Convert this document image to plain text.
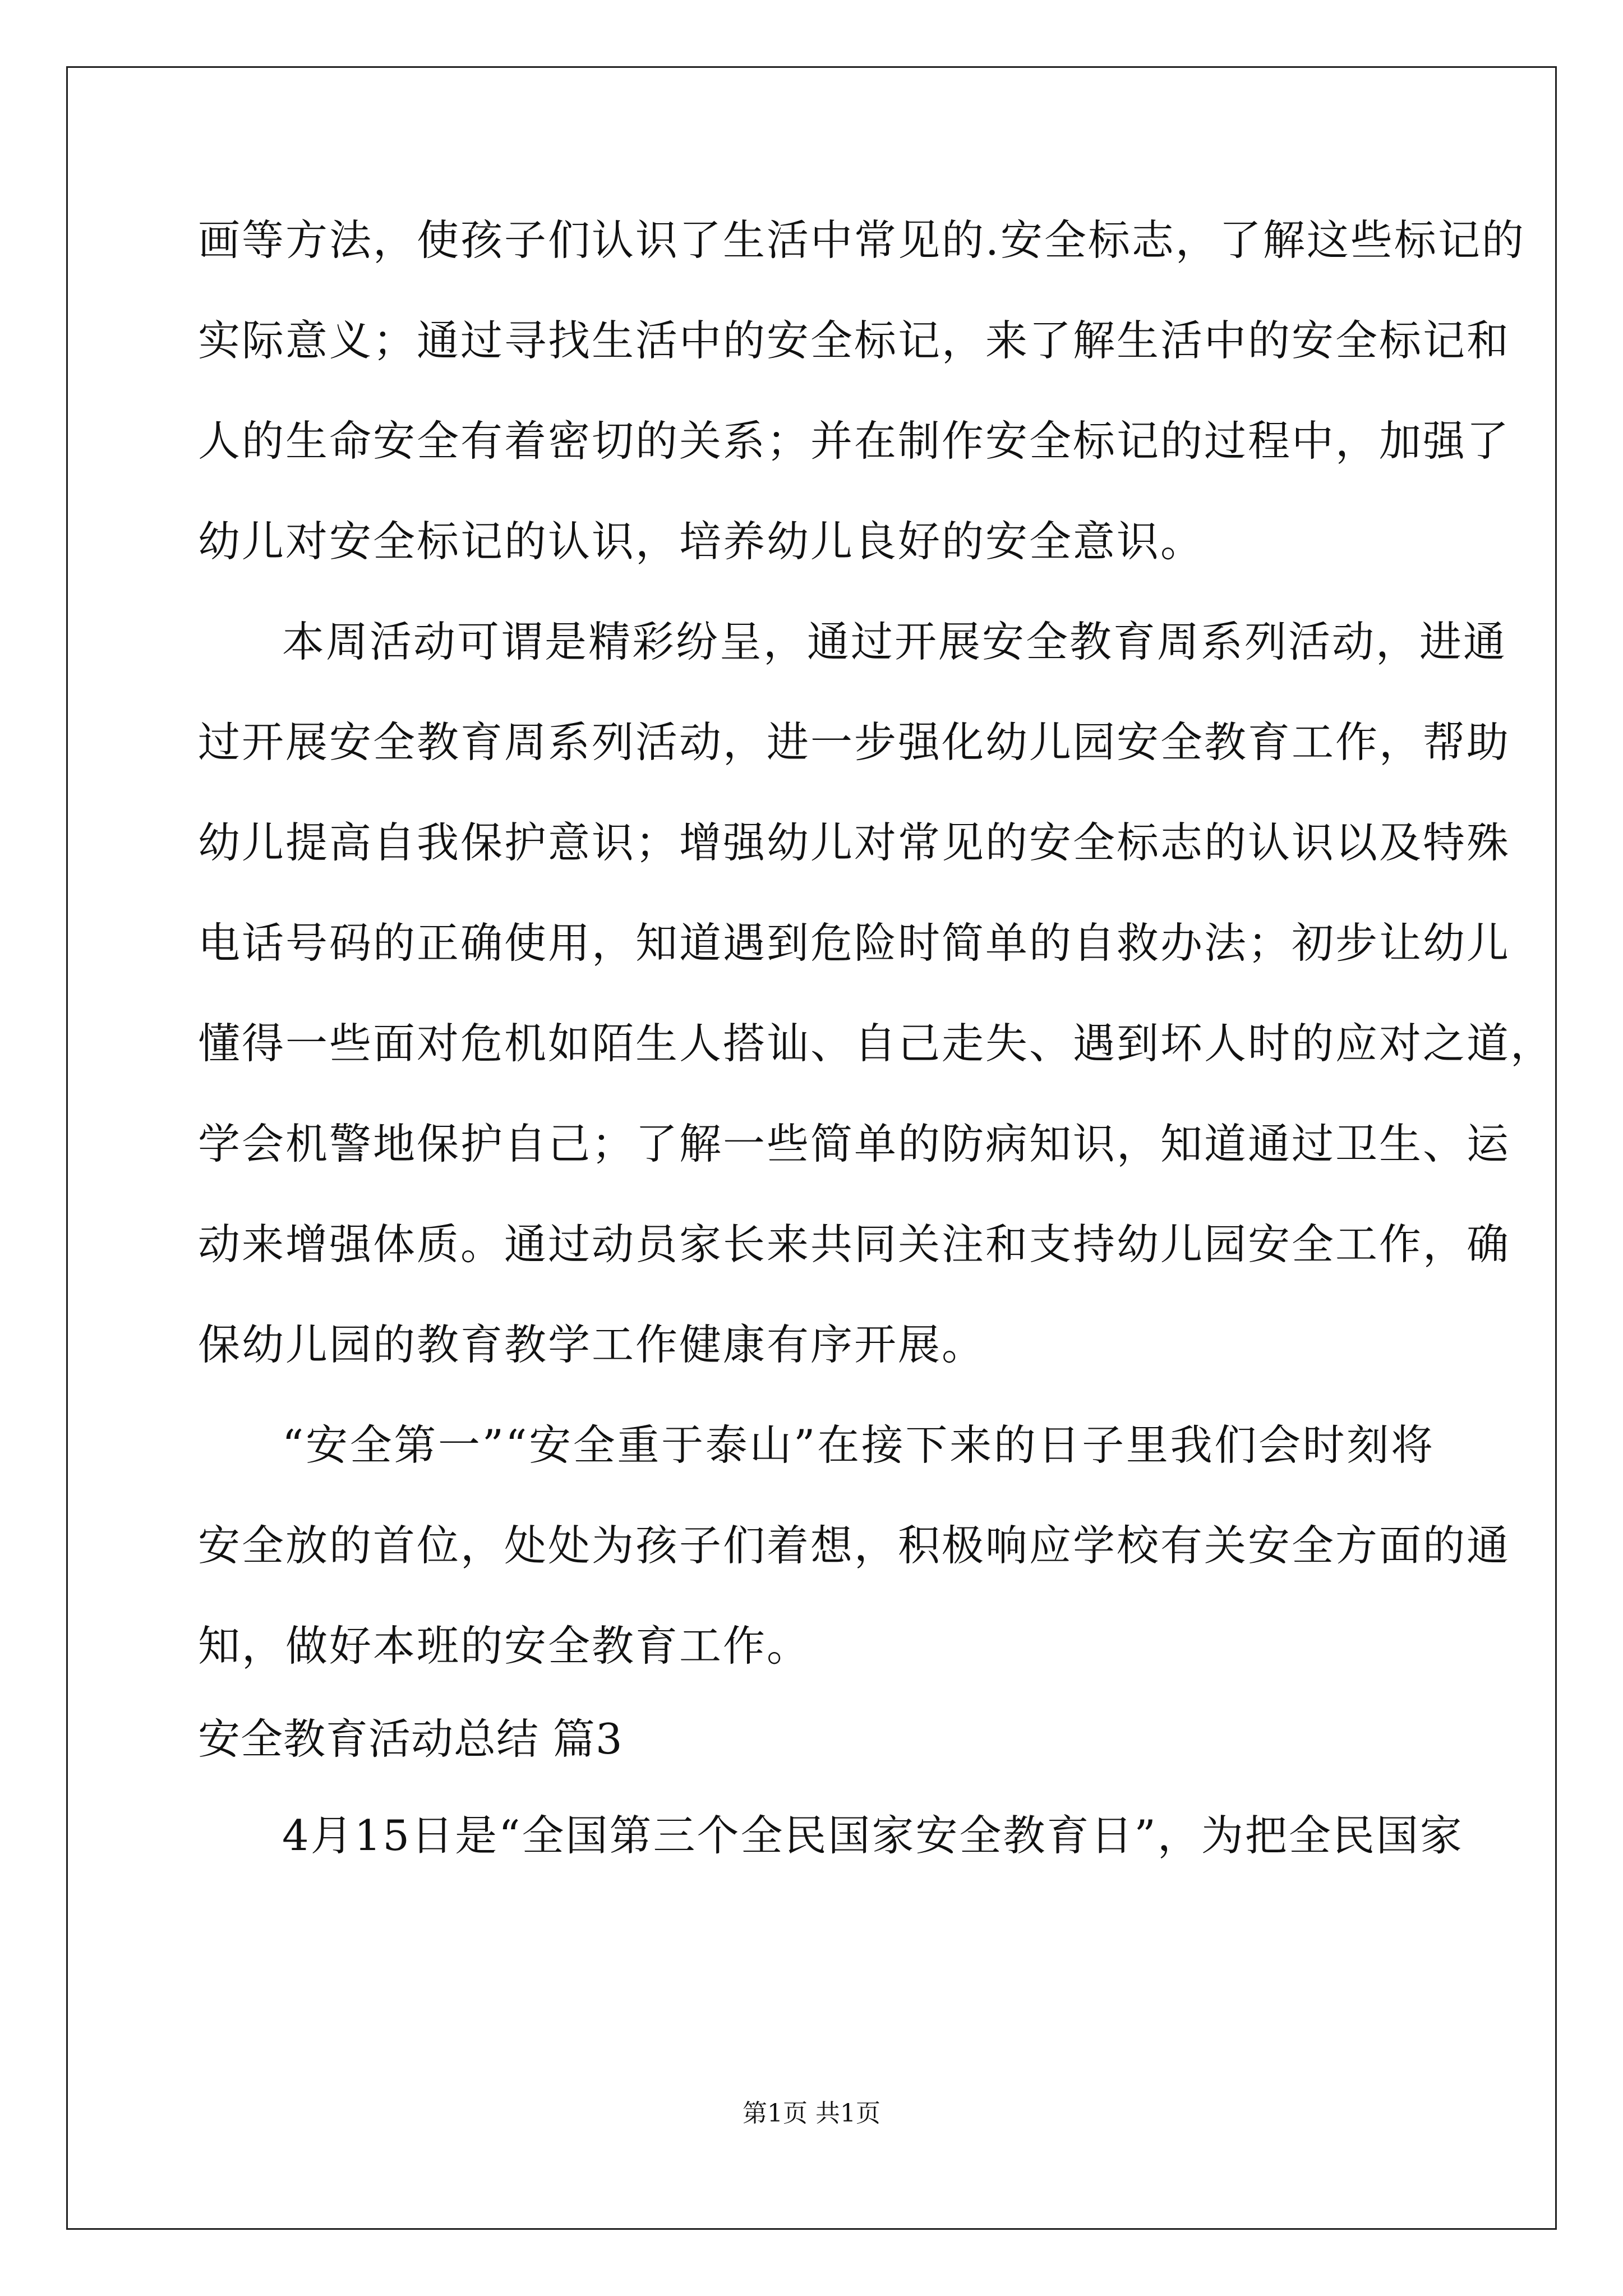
画等方法，使孩子们认识了生活中常见的.安全标志，了解这些标记的
实际意义；通过寻找生活中的安全标记，来了解生活中的安全标记和
人的生命安全有着密切的关系；并在制作安全标记的过程中，加强了
幼儿对安全标记的认识，培养幼儿良好的安全意识。
本周活动可谓是精彩纷呈，通过开展安全教育周系列活动，进通
过开展安全教育周系列活动，进一步强化幼儿园安全教育工作，帮助
幼儿提高自我保护意识；增强幼儿对常见的安全标志的认识以及特殊
电话号码的正确使用，知道遇到危险时简单的自救办法；初步让幼儿
懂得一些面对危机如陌生人搭讪、自己走失、遇到坏人时的应对之道，
学会机警地保护自己；了解一些简单的防病知识，知道通过卫生、运
动来增强体质。通过动员家长来共同关注和支持幼儿园安全工作，确
保幼儿园的教育教学工作健康有序开展。
“安全第一”“安全重于泰山”在接下来的日子里我们会时刻将
安全放的首位，处处为孩子们着想，积极响应学校有关安全方面的通
知，做好本班的安全教育工作。
安全教育活动总结 篇3
4月15日是“全国第三个全民国家安全教育日”，为把全民国家
第1页 共1页
